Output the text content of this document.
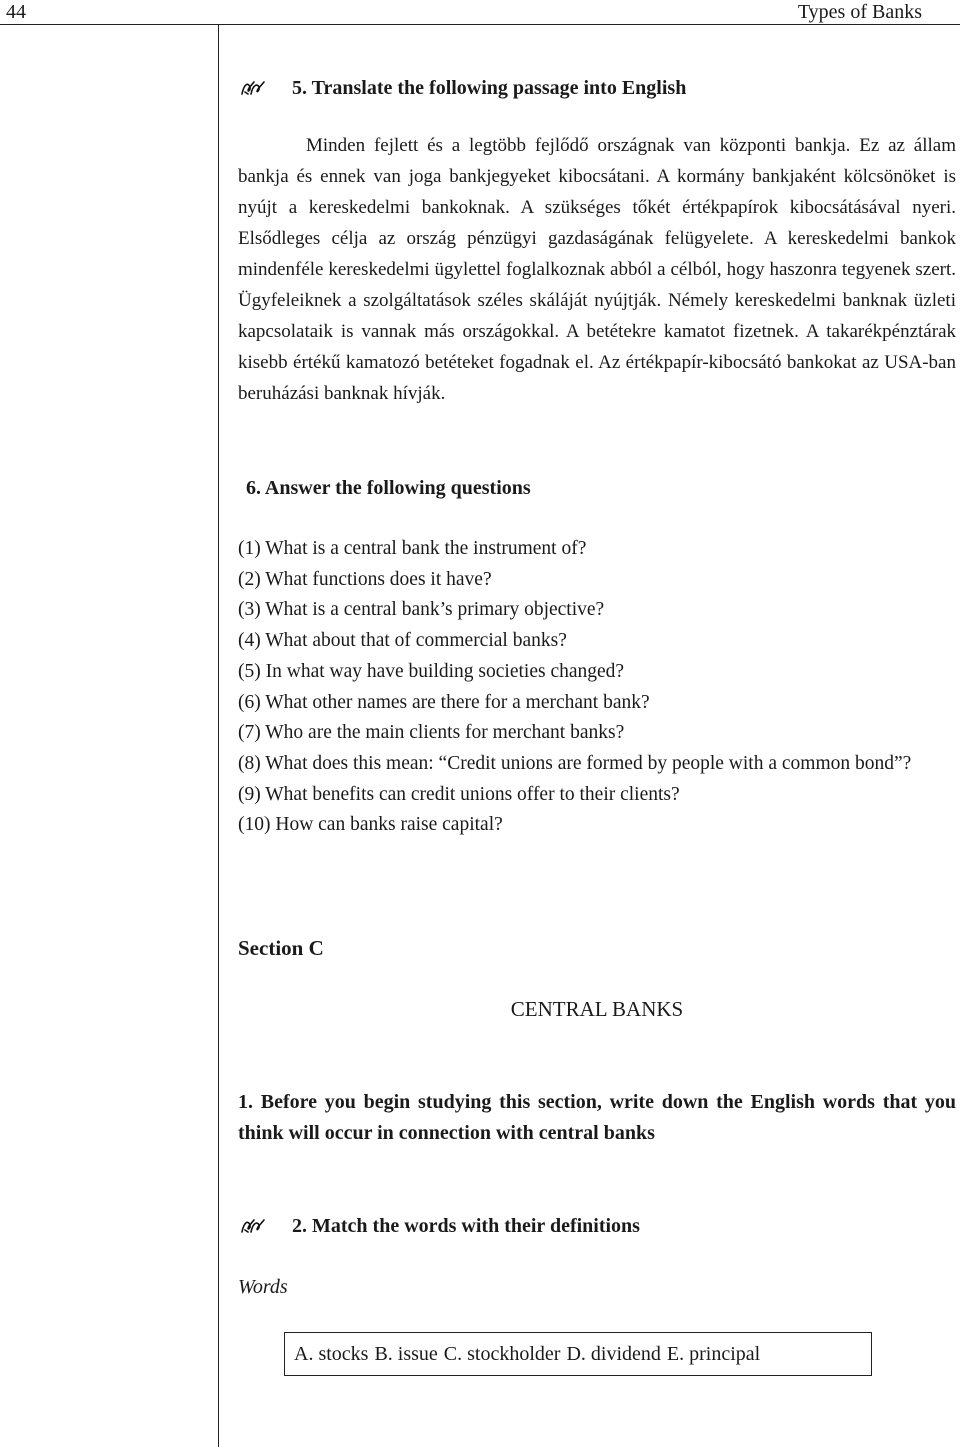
44	Types of Banks
5. Translate the following passage into English

Minden fejlett és a legtöbb fejlődő országnak van központi bankja. Ez az állam bankja és ennek van joga bankjegyeket kibocsátani. A kormány bankjaként kölcsönöket is nyújt a kereskedelmi bankoknak. A szükséges tőkét értékpapírok kibocsátásával nyeri. Elsődleges célja az ország pénzügyi gazdaságának felügyelete. A kereskedelmi bankok mindenféle kereskedelmi ügylettel foglalkoznak abból a célból, hogy haszonra tegyenek szert. Ügyfeleiknek a szolgáltatások széles skáláját nyújtják. Némely kereskedelmi banknak üzleti kapcsolataik is vannak más országokkal. A betétekre kamatot fizetnek. A takarékpénztárak kisebb értékű kamatozó betéteket fogadnak el. Az értékpapír-kibocsátó bankokat az USA-ban beruházási banknak hívják.

6. Answer the following questions
(1) What is a central bank the instrument of?
(2) What functions does it have?
(3) What is a central bank’s primary objective?
(4) What about that of commercial banks?
(5) In what way have building societies changed?
(6) What other names are there for a merchant bank?
(7) Who are the main clients for merchant banks?
(8) What does this mean: “Credit unions are formed by people with a common bond”?
(9) What benefits can credit unions offer to their clients?
(10) How can banks raise capital?
Section C
CENTRAL BANKS

1. Before you begin studying this section, write down the English words that you think will occur in connection with central banks

2. Match the words with their definitions
Words
A. stocks B. issue C. stockholder D. dividend E. principal
